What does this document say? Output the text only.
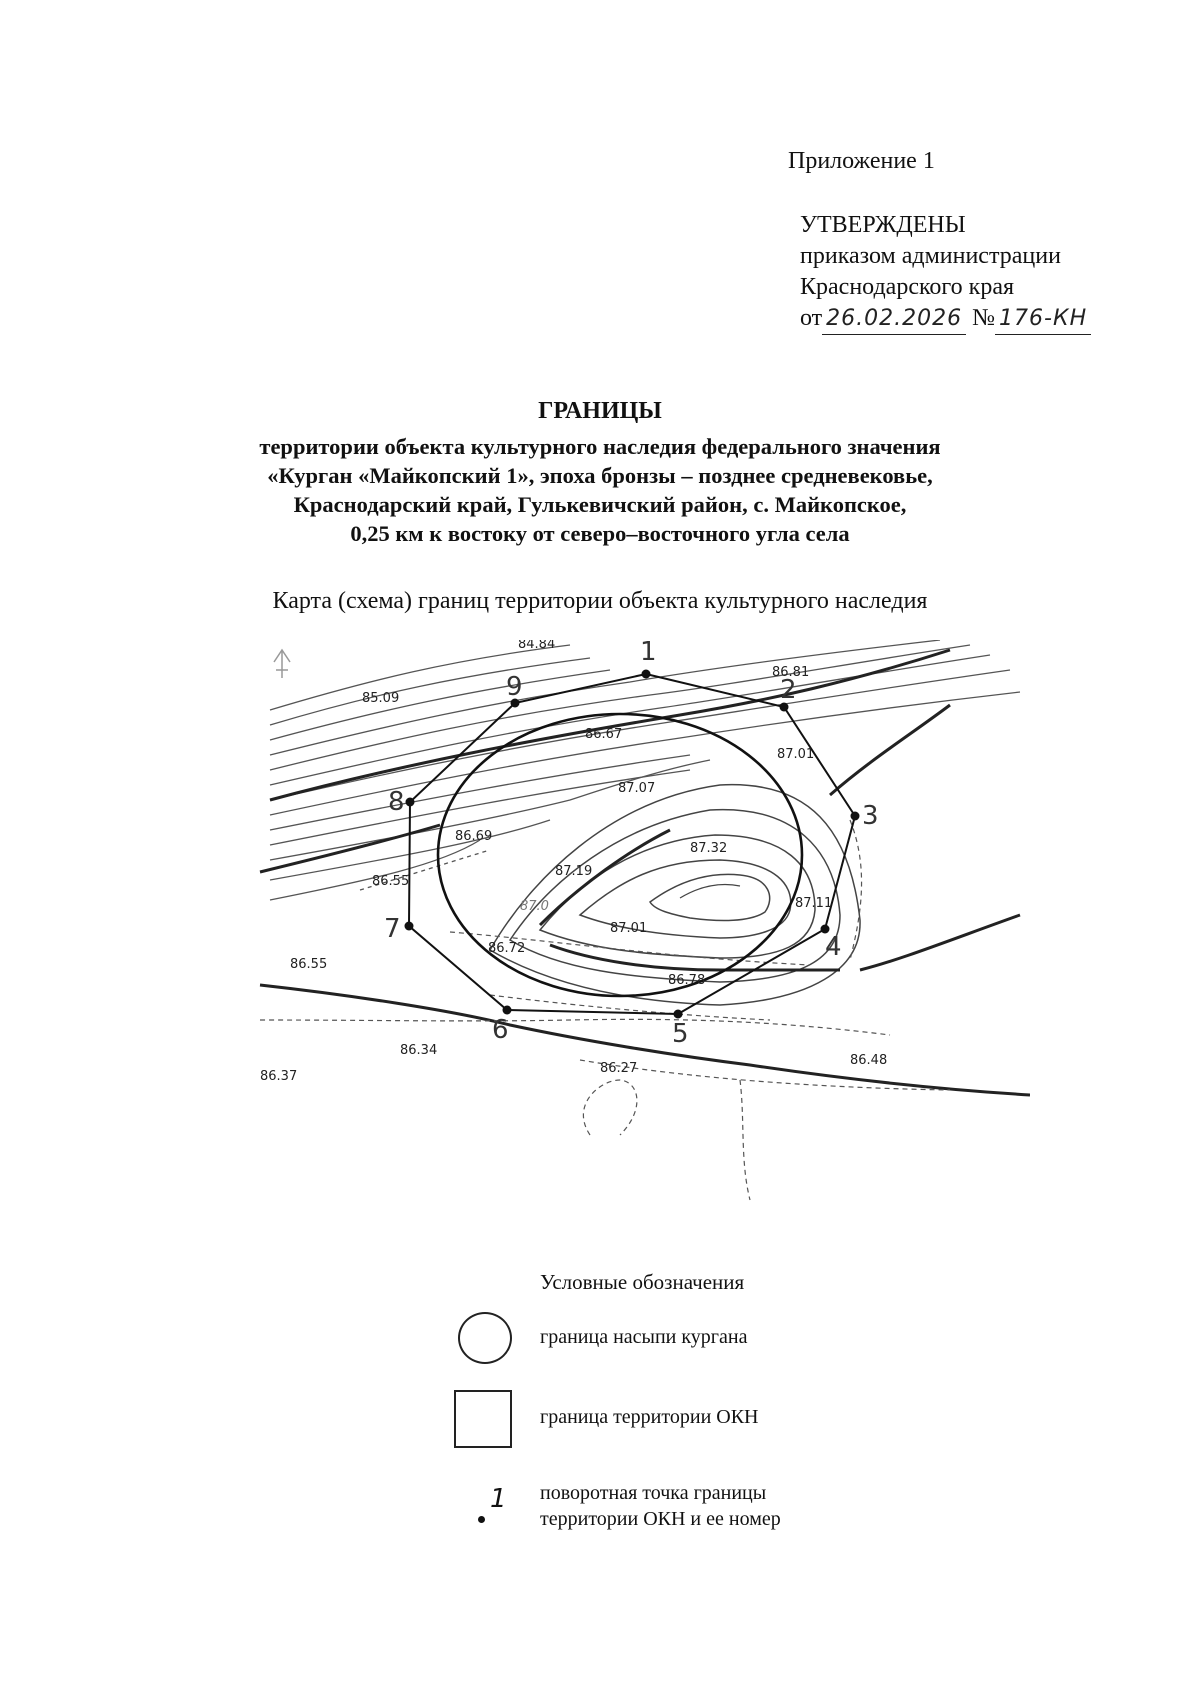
Приложение 1
УТВЕРЖДЕНЫ
приказом администрации
Краснодарского края
от 26.02.2026 № 176-КН
ГРАНИЦЫ
территории объекта культурного наследия федерального значения
«Курган «Майкопский 1», эпоха бронзы – позднее средневековье,
Краснодарский край, Гулькевичский район, с. Майкопское,
0,25 км к востоку от северо–восточного угла села
Карта (схема) границ территории объекта культурного наследия
84.84
86.81
85.09
86.67
87.01
87.07
87.32
86.69
87.19
86.55
86.55
87.0
87.01
87.11
86.72
86.78
86.34
86.27
86.48
86.37
1
2
3
4
5
6
7
8
9
Условные обозначения
граница насыпи кургана
граница территории ОКН
1 поворотная точка границы
территории ОКН и ее номер
